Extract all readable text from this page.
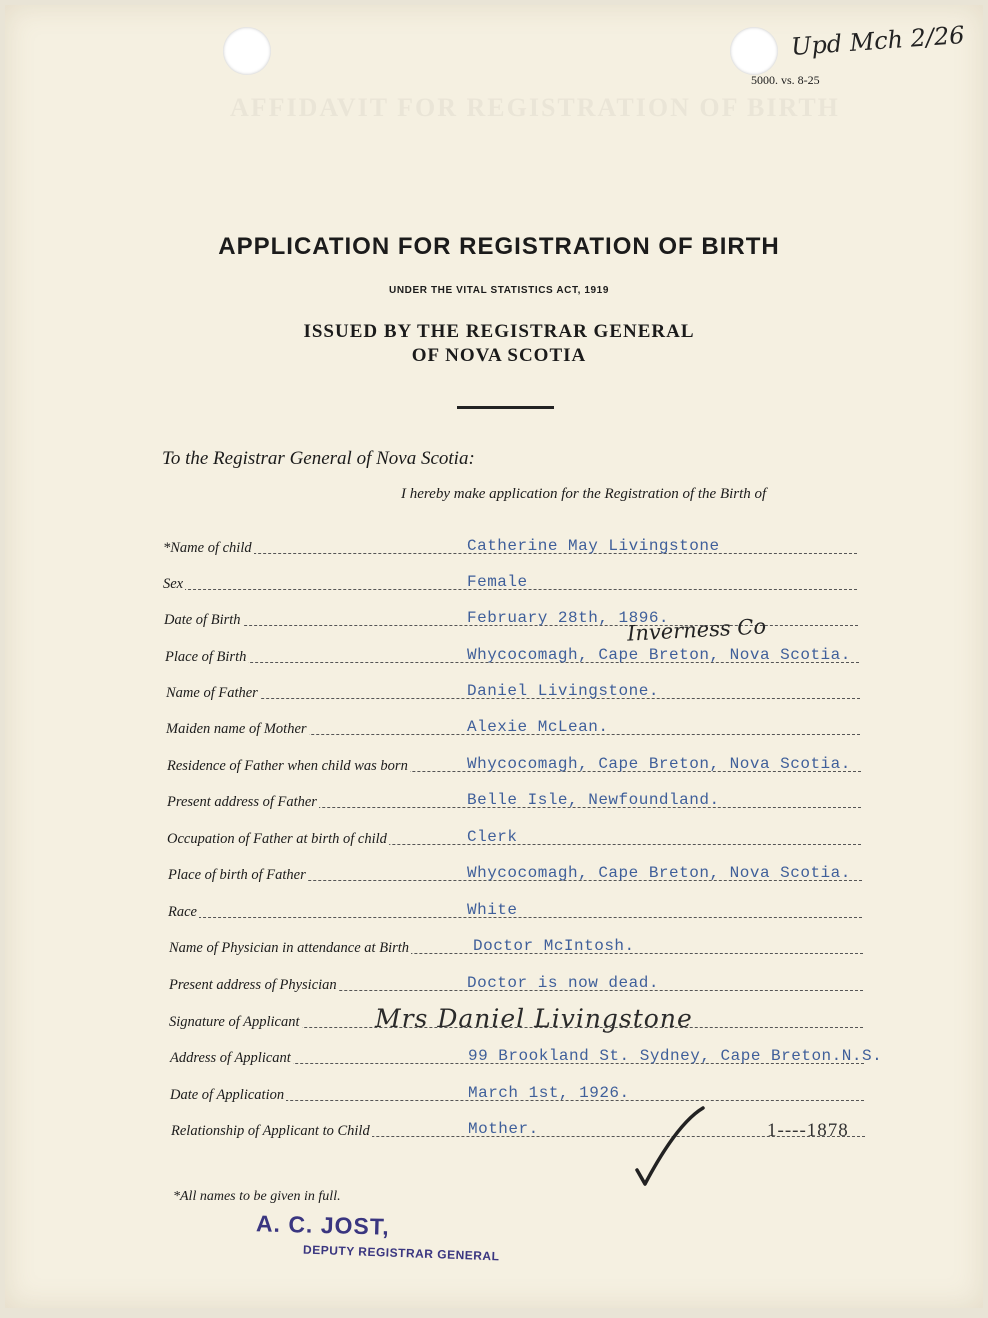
Upd Mch 2/26
5000. vs. 8-25
AFFIDAVIT FOR REGISTRATION OF BIRTH
APPLICATION FOR REGISTRATION OF BIRTH
UNDER THE VITAL STATISTICS ACT, 1919
ISSUED BY THE REGISTRAR GENERAL
OF NOVA SCOTIA
To the Registrar General of Nova Scotia:
I hereby make application for the Registration of the Birth of
*Name of child	Catherine May Livingstone
Sex	Female
Date of Birth	February 28th, 1896.
Place of Birth	Whycocomagh, Cape Breton, Nova Scotia.
Inverness Co
Name of Father	Daniel Livingstone.
Maiden name of Mother	Alexie McLean.
Residence of Father when child was born	Whycocomagh, Cape Breton, Nova Scotia.
Present address of Father	Belle Isle, Newfoundland.
Occupation of Father at birth of child	Clerk
Place of birth of Father	Whycocomagh, Cape Breton, Nova Scotia.
Race	White
Name of Physician in attendance at Birth	Doctor McIntosh.
Present address of Physician	Doctor is now dead.
Signature of Applicant	Mrs Daniel Livingstone
Address of Applicant	99 Brookland St. Sydney, Cape Breton.N.S.
Date of Application	March 1st, 1926.
Relationship of Applicant to Child	Mother.	1----1878
*All names to be given in full.
A. C. JOST,
DEPUTY REGISTRAR GENERAL
